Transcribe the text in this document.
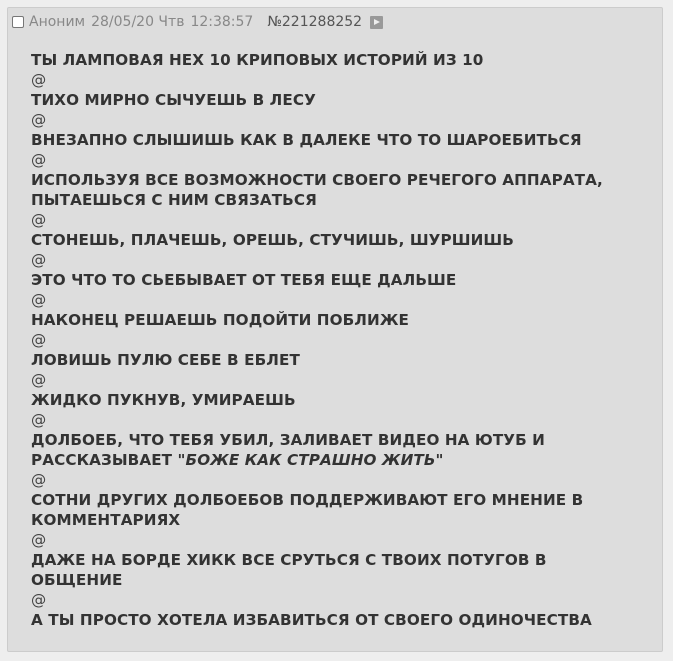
Аноним 28/05/20 Чтв 12:38:57 №221288252
ТЫ ЛАМПОВАЯ НЕХ 10 КРИПОВЫХ ИСТОРИЙ ИЗ 10
@
ТИХО МИРНО СЫЧУЕШЬ В ЛЕСУ
@
ВНЕЗАПНО СЛЫШИШЬ КАК В ДАЛЕКЕ ЧТО ТО ШАРОЕБИТЬСЯ
@
ИСПОЛЬЗУЯ ВСЕ ВОЗМОЖНОСТИ СВОЕГО РЕЧЕГОГО АППАРАТА,
ПЫТАЕШЬСЯ С НИМ СВЯЗАТЬСЯ
@
СТОНЕШЬ, ПЛАЧЕШЬ, ОРЕШЬ, СТУЧИШЬ, ШУРШИШЬ
@
ЭТО ЧТО ТО СЬЕБЫВАЕТ ОТ ТЕБЯ ЕЩЕ ДАЛЬШЕ
@
НАКОНЕЦ РЕШАЕШЬ ПОДОЙТИ ПОБЛИЖЕ
@
ЛОВИШЬ ПУЛЮ СЕБЕ В ЕБЛЕТ
@
ЖИДКО ПУКНУВ, УМИРАЕШЬ
@
ДОЛБОЕБ, ЧТО ТЕБЯ УБИЛ, ЗАЛИВАЕТ ВИДЕО НА ЮТУБ И
РАССКАЗЫВАЕТ "БОЖЕ КАК СТРАШНО ЖИТЬ"
@
СОТНИ ДРУГИХ ДОЛБОЕБОВ ПОДДЕРЖИВАЮТ ЕГО МНЕНИЕ В
КОММЕНТАРИЯХ
@
ДАЖЕ НА БОРДЕ ХИКК ВСЕ СРУТЬСЯ С ТВОИХ ПОТУГОВ В
ОБЩЕНИЕ
@
А ТЫ ПРОСТО ХОТЕЛА ИЗБАВИТЬСЯ ОТ СВОЕГО ОДИНОЧЕСТВА
